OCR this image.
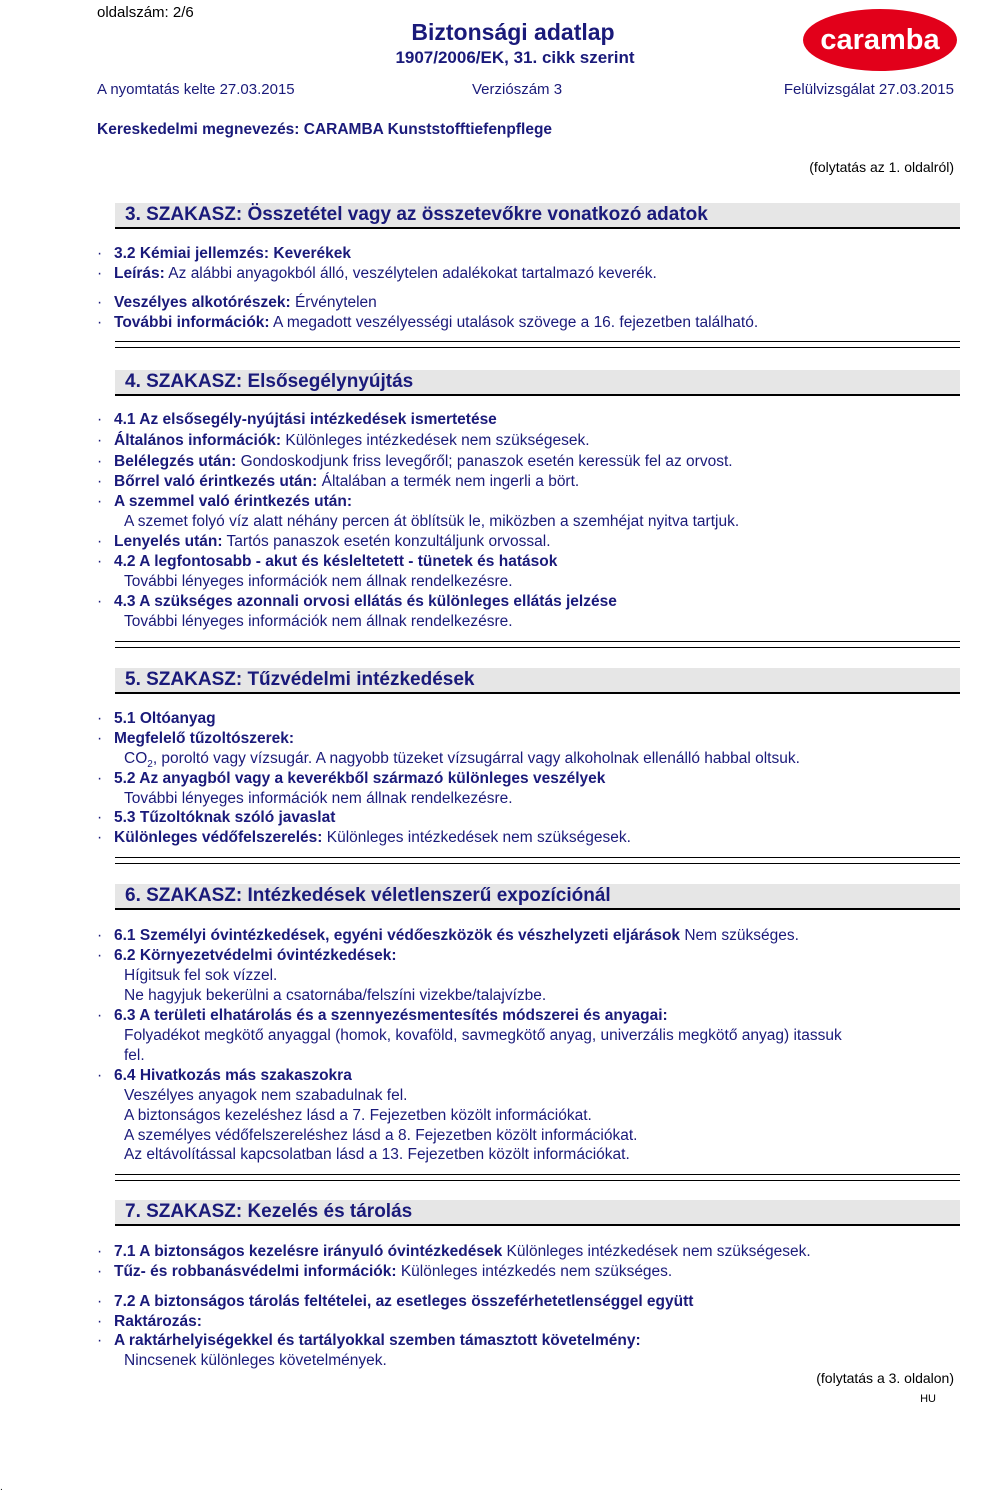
oldalszám: 2/6
Biztonsági adatlap
1907/2006/EK, 31. cikk szerint
caramba
A nyomtatás kelte 27.03.2015	Verziószám 3	Felülvizsgálat 27.03.2015
Kereskedelmi megnevezés: CARAMBA Kunststofftiefenpflege
(folytatás az 1. oldalról)
3. SZAKASZ: Összetétel vagy az összetevőkre vonatkozó adatok
·3.2 Kémiai jellemzés: Keverékek
·Leírás: Az alábbi anyagokból álló, veszélytelen adalékokat tartalmazó keverék.
·Veszélyes alkotórészek: Érvénytelen
·További információk: A megadott veszélyességi utalások szövege a 16. fejezetben található.
4. SZAKASZ: Elsősegélynyújtás
·4.1 Az elsősegély-nyújtási intézkedések ismertetése
·Általános információk: Különleges intézkedések nem szükségesek.
·Belélegzés után: Gondoskodjunk friss levegőről; panaszok esetén keressük fel az orvost.
·Bőrrel való érintkezés után: Általában a termék nem ingerli a bört.
·A szemmel való érintkezés után:
A szemet folyó víz alatt néhány percen át öblítsük le, miközben a szemhéjat nyitva tartjuk.
·Lenyelés után: Tartós panaszok esetén konzultáljunk orvossal.
·4.2 A legfontosabb - akut és késleltetett - tünetek és hatások
További lényeges információk nem állnak rendelkezésre.
·4.3 A szükséges azonnali orvosi ellátás és különleges ellátás jelzése
További lényeges információk nem állnak rendelkezésre.
5. SZAKASZ: Tűzvédelmi intézkedések
·5.1 Oltóanyag
·Megfelelő tűzoltószerek:
$CO_2$, poroltó vagy vízsugár. A nagyobb tüzeket vízsugárral vagy alkoholnak ellenálló habbal oltsuk.
·5.2 Az anyagból vagy a keverékből származó különleges veszélyek
További lényeges információk nem állnak rendelkezésre.
·5.3 Tűzoltóknak szóló javaslat
·Különleges védőfelszerelés: Különleges intézkedések nem szükségesek.
6. SZAKASZ: Intézkedések véletlenszerű expozíciónál
·6.1 Személyi óvintézkedések, egyéni védőeszközök és vészhelyzeti eljárások Nem szükséges.
·6.2 Környezetvédelmi óvintézkedések:
Hígitsuk fel sok vízzel.
Ne hagyjuk bekerülni a csatornába/felszíni vizekbe/talajvízbe.
·6.3 A területi elhatárolás és a szennyezésmentesítés módszerei és anyagai:
Folyadékot megkötő anyaggal (homok, kovaföld, savmegkötő anyag, univerzális megkötő anyag) itassuk
fel.
·6.4 Hivatkozás más szakaszokra
Veszélyes anyagok nem szabadulnak fel.
A biztonságos kezeléshez lásd a 7. Fejezetben közölt információkat.
A személyes védőfelszereléshez lásd a 8. Fejezetben közölt információkat.
Az eltávolítással kapcsolatban lásd a 13. Fejezetben közölt információkat.
7. SZAKASZ: Kezelés és tárolás
·7.1 A biztonságos kezelésre irányuló óvintézkedések Különleges intézkedések nem szükségesek.
·Tűz- és robbanásvédelmi információk: Különleges intézkedés nem szükséges.
·7.2 A biztonságos tárolás feltételei, az esetleges összeférhetetlenséggel együtt
·Raktározás:
·A raktárhelyiségekkel és tartályokkal szemben támasztott követelmény:
Nincsenek különleges követelmények.
(folytatás a 3. oldalon)
HU
.
